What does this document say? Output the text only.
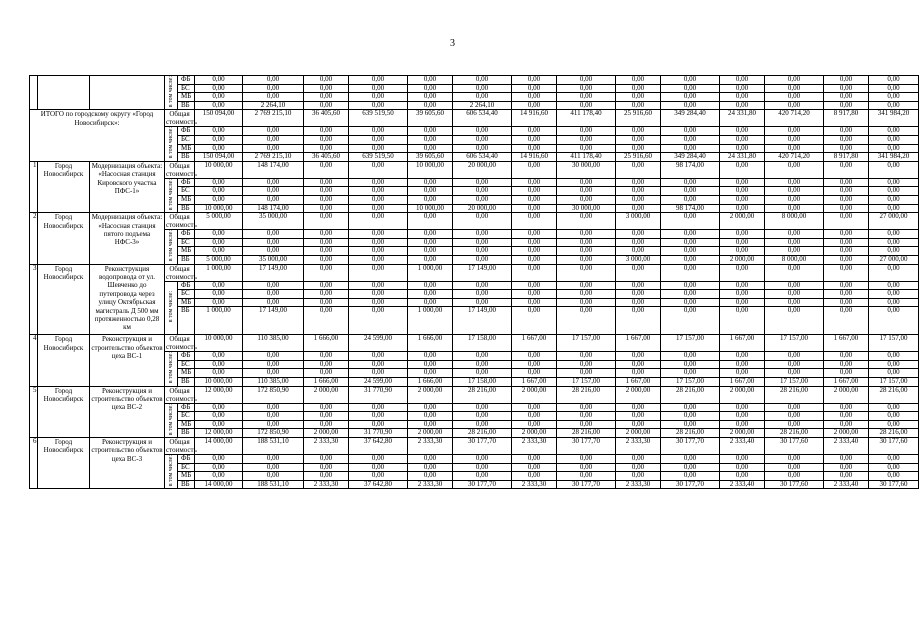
3
			в том числе:	ФБ	0,00	0,00	0,00	0,00	0,00	0,00	0,00	0,00	0,00	0,00	0,00	0,00	0,00	0,00
				БС	0,00	0,00	0,00	0,00	0,00	0,00	0,00	0,00	0,00	0,00	0,00	0,00	0,00	0,00
				МБ	0,00	0,00	0,00	0,00	0,00	0,00	0,00	0,00	0,00	0,00	0,00	0,00	0,00	0,00
				ВБ	0,00	2 264,10	0,00	0,00	0,00	2 264,10	0,00	0,00	0,00	0,00	0,00	0,00	0,00	0,00
ИТОГО по городскому округу «Город Новосибирск»:			Общая стоимость		150 094,00	2 769 215,10	36 405,60	639 519,50	39 605,60	606 534,40	14 916,60	411 178,40	25 916,60	349 284,40	24 331,80	420 714,20	8 917,80	341 984,20
			в том числе:	ФБ	0,00	0,00	0,00	0,00	0,00	0,00	0,00	0,00	0,00	0,00	0,00	0,00	0,00	0,00
				БС	0,00	0,00	0,00	0,00	0,00	0,00	0,00	0,00	0,00	0,00	0,00	0,00	0,00	0,00
				МБ	0,00	0,00	0,00	0,00	0,00	0,00	0,00	0,00	0,00	0,00	0,00	0,00	0,00	0,00
				ВБ	150 094,00	2 769 215,10	36 405,60	639 519,50	39 605,60	606 534,40	14 916,60	411 178,40	25 916,60	349 284,40	24 331,80	420 714,20	8 917,80	341 984,20
1	Город Новосибирск	Модернизация объекта: «Насосная станция Кировского участка ПФС-1»	Общая стоимость		10 000,00	148 174,00	0,00	0,00	10 000,00	20 000,00	0,00	30 000,00	0,00	98 174,00	0,00	0,00	0,00	0,00
			в том числе:	ФБ	0,00	0,00	0,00	0,00	0,00	0,00	0,00	0,00	0,00	0,00	0,00	0,00	0,00	0,00
				БС	0,00	0,00	0,00	0,00	0,00	0,00	0,00	0,00	0,00	0,00	0,00	0,00	0,00	0,00
				МБ	0,00	0,00	0,00	0,00	0,00	0,00	0,00	0,00	0,00	0,00	0,00	0,00	0,00	0,00
				ВБ	10 000,00	148 174,00	0,00	0,00	10 000,00	20 000,00	0,00	30 000,00	0,00	98 174,00	0,00	0,00	0,00	0,00
2	Город Новосибирск	Модернизация объекта: «Насосная станция пятого подъема НФС-3»	Общая стоимость		5 000,00	35 000,00	0,00	0,00	0,00	0,00	0,00	0,00	3 000,00	0,00	2 000,00	8 000,00	0,00	27 000,00
			в том числе:	ФБ	0,00	0,00	0,00	0,00	0,00	0,00	0,00	0,00	0,00	0,00	0,00	0,00	0,00	0,00
				БС	0,00	0,00	0,00	0,00	0,00	0,00	0,00	0,00	0,00	0,00	0,00	0,00	0,00	0,00
				МБ	0,00	0,00	0,00	0,00	0,00	0,00	0,00	0,00	0,00	0,00	0,00	0,00	0,00	0,00
				ВБ	5 000,00	35 000,00	0,00	0,00	0,00	0,00	0,00	0,00	3 000,00	0,00	2 000,00	8 000,00	0,00	27 000,00
3	Город Новосибирск	Реконструкция водопровода от ул. Шевченко до путепровода через улицу Октябрьская магистраль Д 500 мм протяженностью 0,28 км	Общая стоимость		1 000,00	17 149,00	0,00	0,00	1 000,00	17 149,00	0,00	0,00	0,00	0,00	0,00	0,00	0,00	0,00
			в том числе:	ФБ	0,00	0,00	0,00	0,00	0,00	0,00	0,00	0,00	0,00	0,00	0,00	0,00	0,00	0,00
				БС	0,00	0,00	0,00	0,00	0,00	0,00	0,00	0,00	0,00	0,00	0,00	0,00	0,00	0,00
				МБ	0,00	0,00	0,00	0,00	0,00	0,00	0,00	0,00	0,00	0,00	0,00	0,00	0,00	0,00
				ВБ	1 000,00	17 149,00	0,00	0,00	1 000,00	17 149,00	0,00	0,00	0,00	0,00	0,00	0,00	0,00	0,00
4	Город Новосибирск	Реконструкция и строительство объектов цеха ВС-1	Общая стоимость		10 000,00	110 385,00	1 666,00	24 599,00	1 666,00	17 158,00	1 667,00	17 157,00	1 667,00	17 157,00	1 667,00	17 157,00	1 667,00	17 157,00
			в том числе:	ФБ	0,00	0,00	0,00	0,00	0,00	0,00	0,00	0,00	0,00	0,00	0,00	0,00	0,00	0,00
				БС	0,00	0,00	0,00	0,00	0,00	0,00	0,00	0,00	0,00	0,00	0,00	0,00	0,00	0,00
				МБ	0,00	0,00	0,00	0,00	0,00	0,00	0,00	0,00	0,00	0,00	0,00	0,00	0,00	0,00
				ВБ	10 000,00	110 385,00	1 666,00	24 599,00	1 666,00	17 158,00	1 667,00	17 157,00	1 667,00	17 157,00	1 667,00	17 157,00	1 667,00	17 157,00
5	Город Новосибирск	Реконструкция и строительство объектов цеха ВС-2	Общая стоимость		12 000,00	172 850,90	2 000,00	31 770,90	2 000,00	28 216,00	2 000,00	28 216,00	2 000,00	28 216,00	2 000,00	28 216,00	2 000,00	28 216,00
			в том числе:	ФБ	0,00	0,00	0,00	0,00	0,00	0,00	0,00	0,00	0,00	0,00	0,00	0,00	0,00	0,00
				БС	0,00	0,00	0,00	0,00	0,00	0,00	0,00	0,00	0,00	0,00	0,00	0,00	0,00	0,00
				МБ	0,00	0,00	0,00	0,00	0,00	0,00	0,00	0,00	0,00	0,00	0,00	0,00	0,00	0,00
				ВБ	12 000,00	172 850,90	2 000,00	31 770,90	2 000,00	28 216,00	2 000,00	28 216,00	2 000,00	28 216,00	2 000,00	28 216,00	2 000,00	28 216,00
6	Город Новосибирск	Реконструкция и строительство объектов цеха ВС-3	Общая стоимость		14 000,00	188 531,10	2 333,30	37 642,80	2 333,30	30 177,70	2 333,30	30 177,70	2 333,30	30 177,70	2 333,40	30 177,60	2 333,40	30 177,60
			в том числе:	ФБ	0,00	0,00	0,00	0,00	0,00	0,00	0,00	0,00	0,00	0,00	0,00	0,00	0,00	0,00
				БС	0,00	0,00	0,00	0,00	0,00	0,00	0,00	0,00	0,00	0,00	0,00	0,00	0,00	0,00
				МБ	0,00	0,00	0,00	0,00	0,00	0,00	0,00	0,00	0,00	0,00	0,00	0,00	0,00	0,00
				ВБ	14 000,00	188 531,10	2 333,30	37 642,80	2 333,30	30 177,70	2 333,30	30 177,70	2 333,30	30 177,70	2 333,40	30 177,60	2 333,40	30 177,60
